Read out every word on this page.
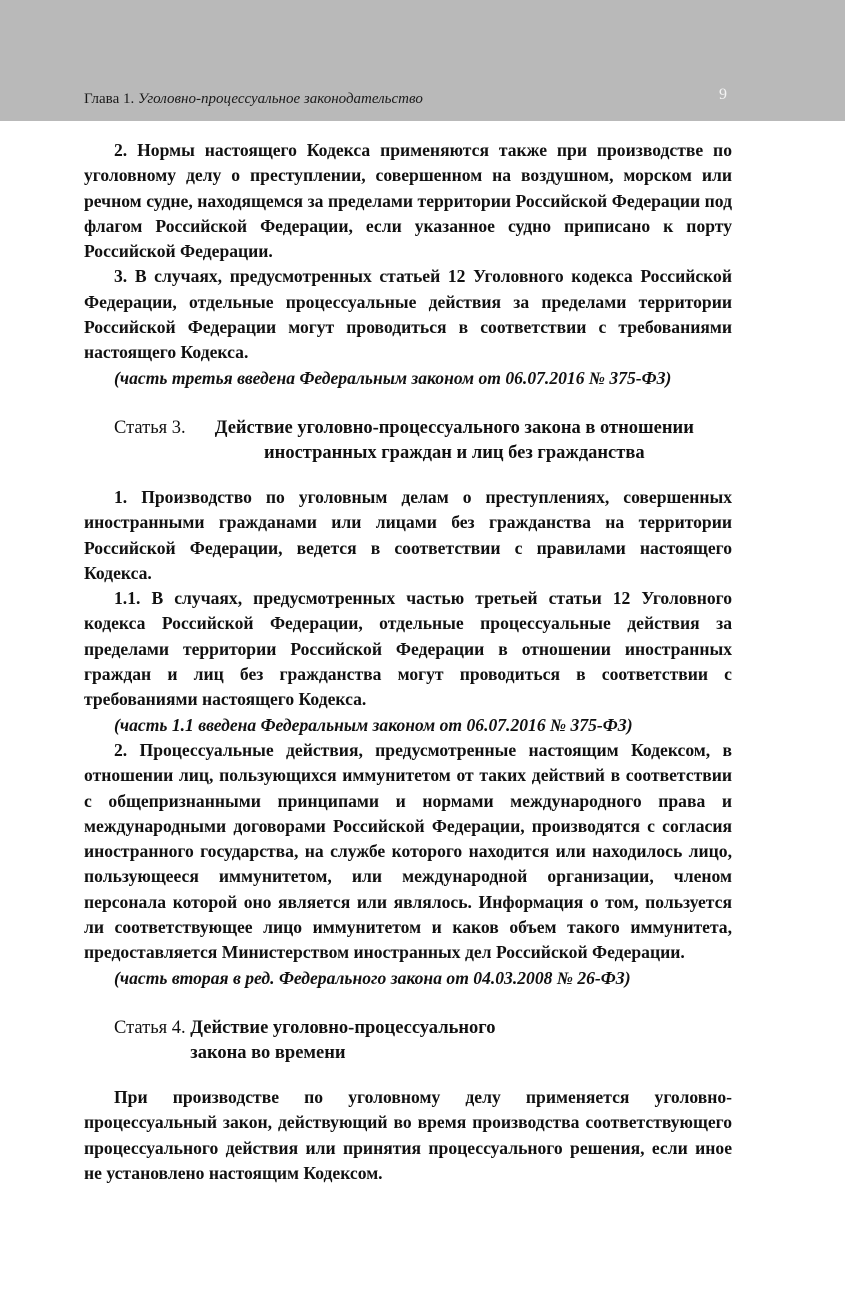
Глава 1. Уголовно-процессуальное законодательство	9

2. Нормы настоящего Кодекса применяются также при производстве по уголовному делу о преступлении, совершенном на воздушном, морском или речном судне, находящемся за пределами территории Российской Федерации под флагом Российской Федерации, если указанное судно приписано к порту Российской Федерации.

3. В случаях, предусмотренных статьей 12 Уголовного кодекса Российской Федерации, отдельные процессуальные действия за пределами территории Российской Федерации могут проводиться в соответствии с требованиями настоящего Кодекса.

(часть третья введена Федеральным законом от 06.07.2016 № 375-ФЗ)

Статья 3.
	Действие уголовно-процессуального закона в отношении иностранных граждан и лиц без гражданства

1. Производство по уголовным делам о преступлениях, совершенных иностранными гражданами или лицами без гражданства на территории Российской Федерации, ведется в соответствии с правилами настоящего Кодекса.

1.1. В случаях, предусмотренных частью третьей статьи 12 Уголовного кодекса Российской Федерации, отдельные процессуальные действия за пределами территории Российской Федерации в отношении иностранных граждан и лиц без гражданства могут проводиться в соответствии с требованиями настоящего Кодекса.

(часть 1.1 введена Федеральным законом от 06.07.2016 № 375-ФЗ)

2. Процессуальные действия, предусмотренные настоящим Кодексом, в отношении лиц, пользующихся иммунитетом от таких действий в соответствии с общепризнанными принципами и нормами международного права и международными договорами Российской Федерации, производятся с согласия иностранного государства, на службе которого находится или находилось лицо, пользующееся иммунитетом, или международной организации, членом персонала которой оно является или являлось. Информация о том, пользуется ли соответствующее лицо иммунитетом и каков объем такого иммунитета, предоставляется Министерством иностранных дел Российской Федерации.

(часть вторая в ред. Федерального закона от 04.03.2008 № 26-ФЗ)

Статья 4.
Действие уголовно-процессуального закона во времени

При производстве по уголовному делу применяется уголовно-процессуальный закон, действующий во время производства соответствующего процессуального действия или принятия процессуального решения, если иное не установлено настоящим Кодексом.
